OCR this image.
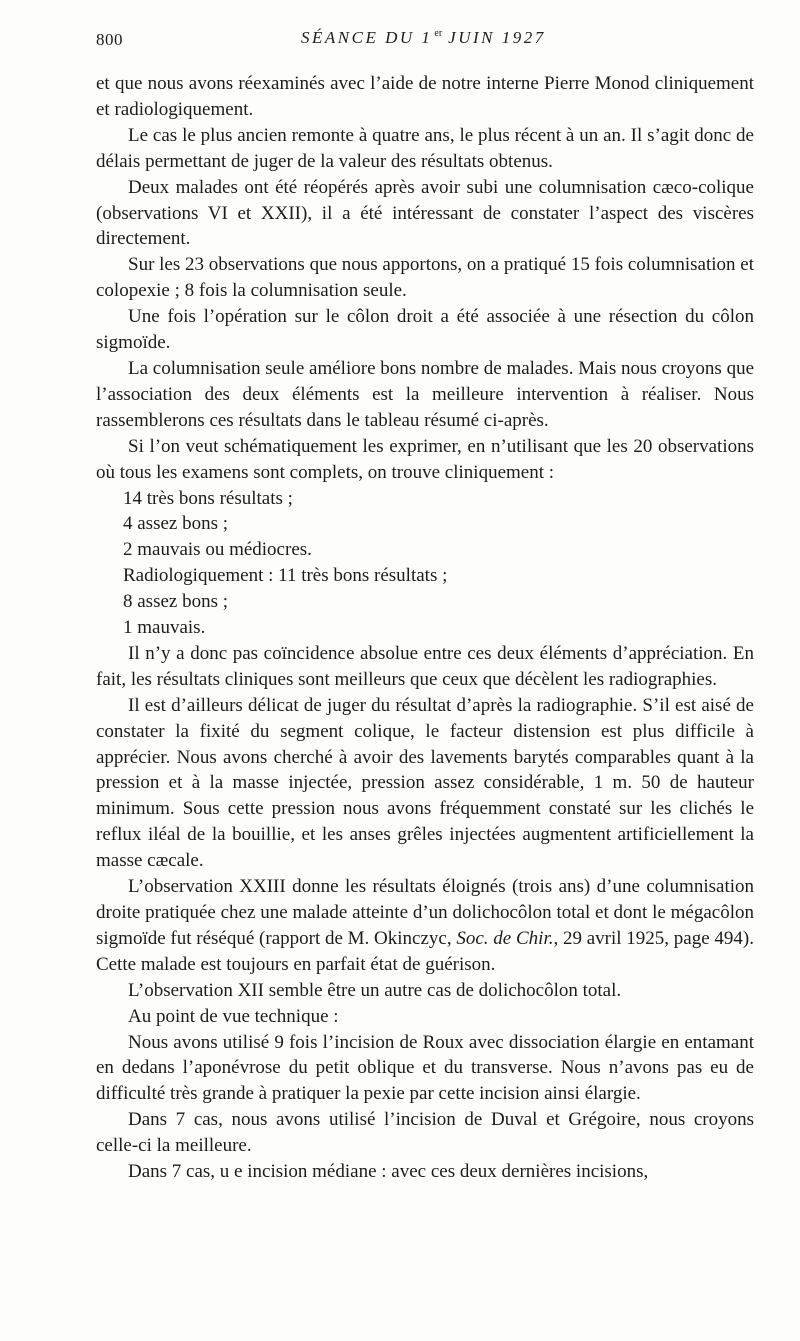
800	SÉANCE DU 1 $^{er}$ JUIN 1927

et que nous avons réexaminés avec l’aide de notre interne Pierre Monod cliniquement et radiologiquement.

Le cas le plus ancien remonte à quatre ans, le plus récent à un an. Il s’agit donc de délais permettant de juger de la valeur des résultats obtenus.

Deux malades ont été réopérés après avoir subi une columnisation cæco-colique (observations VI et XXII), il a été intéressant de constater l’aspect des viscères directement.

Sur les 23 observations que nous apportons, on a pratiqué 15 fois columnisation et colopexie ; 8 fois la columnisation seule.

Une fois l’opération sur le côlon droit a été associée à une résection du côlon sigmoïde.

La columnisation seule améliore bons nombre de malades. Mais nous croyons que l’association des deux éléments est la meilleure intervention à réaliser. Nous rassemblerons ces résultats dans le tableau résumé ci-après.

Si l’on veut schématiquement les exprimer, en n’utilisant que les 20 observations où tous les examens sont complets, on trouve cliniquement :

14 très bons résultats ;

4 assez bons ;

2 mauvais ou médiocres.

Radiologiquement : 11 très bons résultats ;

8 assez bons ;

1 mauvais.

Il n’y a donc pas coïncidence absolue entre ces deux éléments d’appréciation. En fait, les résultats cliniques sont meilleurs que ceux que décèlent les radiographies.

Il est d’ailleurs délicat de juger du résultat d’après la radiographie. S’il est aisé de constater la fixité du segment colique, le facteur distension est plus difficile à apprécier. Nous avons cherché à avoir des lavements barytés comparables quant à la pression et à la masse injectée, pression assez considérable, 1 m. 50 de hauteur minimum. Sous cette pression nous avons fréquemment constaté sur les clichés le reflux iléal de la bouillie, et les anses grêles injectées augmentent artificiellement la masse cæcale.

L’observation XXIII donne les résultats éloignés (trois ans) d’une columnisation droite pratiquée chez une malade atteinte d’un dolichocôlon total et dont le mégacôlon sigmoïde fut réséqué (rapport de M. Okinczyc, Soc. de Chir., 29 avril 1925, page 494). Cette malade est toujours en parfait état de guérison.

L’observation XII semble être un autre cas de dolichocôlon total.

Au point de vue technique :

Nous avons utilisé 9 fois l’incision de Roux avec dissociation élargie en entamant en dedans l’aponévrose du petit oblique et du transverse. Nous n’avons pas eu de difficulté très grande à pratiquer la pexie par cette incision ainsi élargie.

Dans 7 cas, nous avons utilisé l’incision de Duval et Grégoire, nous croyons celle-ci la meilleure.

Dans 7 cas, u e incision médiane : avec ces deux dernières incisions,
